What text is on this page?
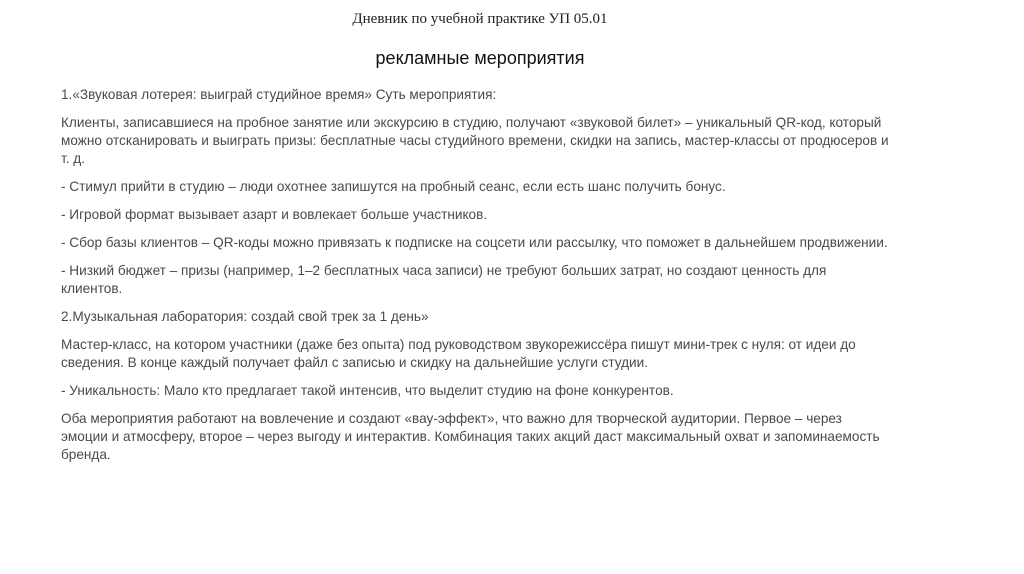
Дневник по учебной практике УП 05.01
рекламные мероприятия

1.«Звуковая лотерея: выиграй студийное время» Суть мероприятия:

Клиенты, записавшиеся на пробное занятие или экскурсию в студию, получают «звуковой билет» – уникальный QR-код, который можно отсканировать и выиграть призы: бесплатные часы студийного времени, скидки на запись, мастер-классы от продюсеров и т. д.

- Стимул прийти в студию – люди охотнее запишутся на пробный сеанс, если есть шанс получить бонус.

- Игровой формат вызывает азарт и вовлекает больше участников.

- Сбор базы клиентов – QR-коды можно привязать к подписке на соцсети или рассылку, что поможет в дальнейшем продвижении.

- Низкий бюджет – призы (например, 1–2 бесплатных часа записи) не требуют больших затрат, но создают ценность для клиентов.

2.Музыкальная лаборатория: создай свой трек за 1 день»

Мастер-класс, на котором участники (даже без опыта) под руководством звукорежиссёра пишут мини-трек с нуля: от идеи до сведения. В конце каждый получает файл с записью и скидку на дальнейшие услуги студии.

- Уникальность: Мало кто предлагает такой интенсив, что выделит студию на фоне конкурентов.

Оба мероприятия работают на вовлечение и создают «вау-эффект», что важно для творческой аудитории. Первое – через эмоции и атмосферу, второе – через выгоду и интерактив. Комбинация таких акций даст максимальный охват и запоминаемость бренда.
